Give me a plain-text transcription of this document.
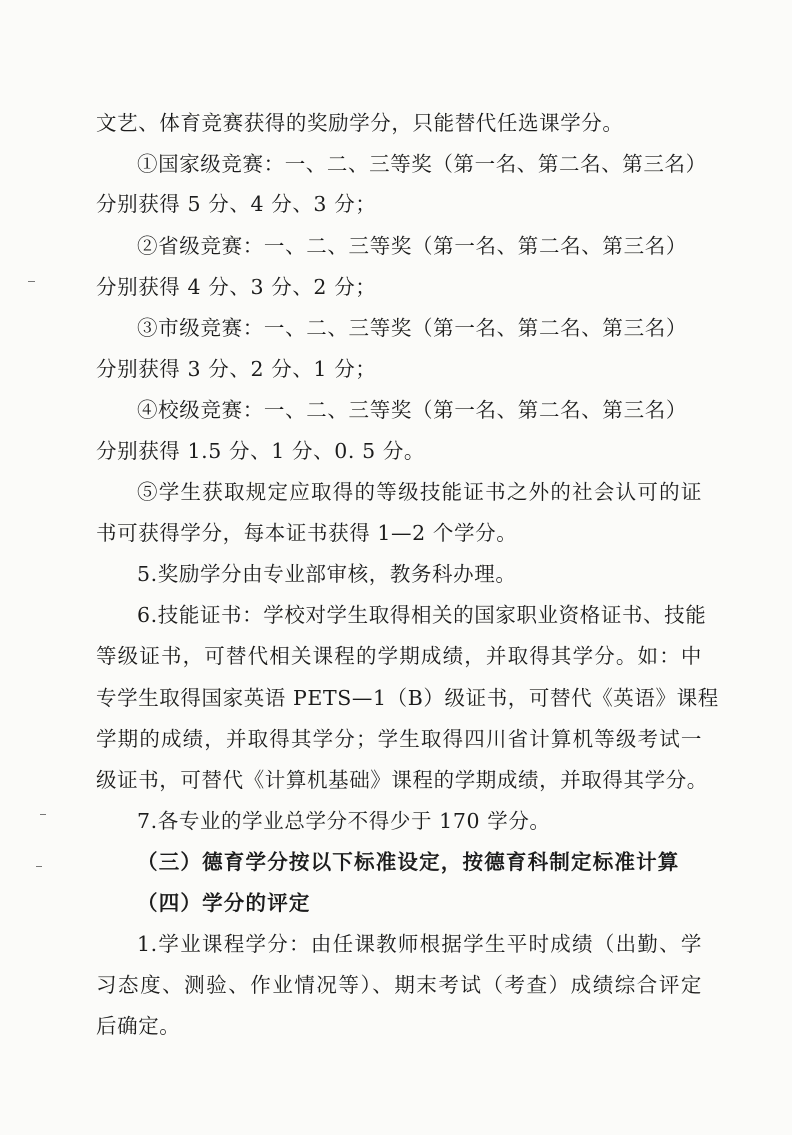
文艺、体育竞赛获得的奖励学分，只能替代任选课学分。
①国家级竞赛：一、二、三等奖（第一名、第二名、第三名）
分别获得 5 分、4 分、3 分；
②省级竞赛：一、二、三等奖（第一名、第二名、第三名）
分别获得 4 分、3 分、2 分；
③市级竞赛：一、二、三等奖（第一名、第二名、第三名）
分别获得 3 分、2 分、1 分；
④校级竞赛：一、二、三等奖（第一名、第二名、第三名）
分别获得 1.5 分、1 分、0. 5 分。
⑤学生获取规定应取得的等级技能证书之外的社会认可的证
书可获得学分，每本证书获得 1—2 个学分。
5.奖励学分由专业部审核，教务科办理。
6.技能证书：学校对学生取得相关的国家职业资格证书、技能
等级证书，可替代相关课程的学期成绩，并取得其学分。如：中
专学生取得国家英语 PETS—1（B）级证书，可替代《英语》课程
学期的成绩，并取得其学分；学生取得四川省计算机等级考试一
级证书，可替代《计算机基础》课程的学期成绩，并取得其学分。
7.各专业的学业总学分不得少于 170 学分。
（三）德育学分按以下标准设定，按德育科制定标准计算
（四）学分的评定
1.学业课程学分：由任课教师根据学生平时成绩（出勤、学
习态度、测验、作业情况等）、期末考试（考查）成绩综合评定
后确定。
